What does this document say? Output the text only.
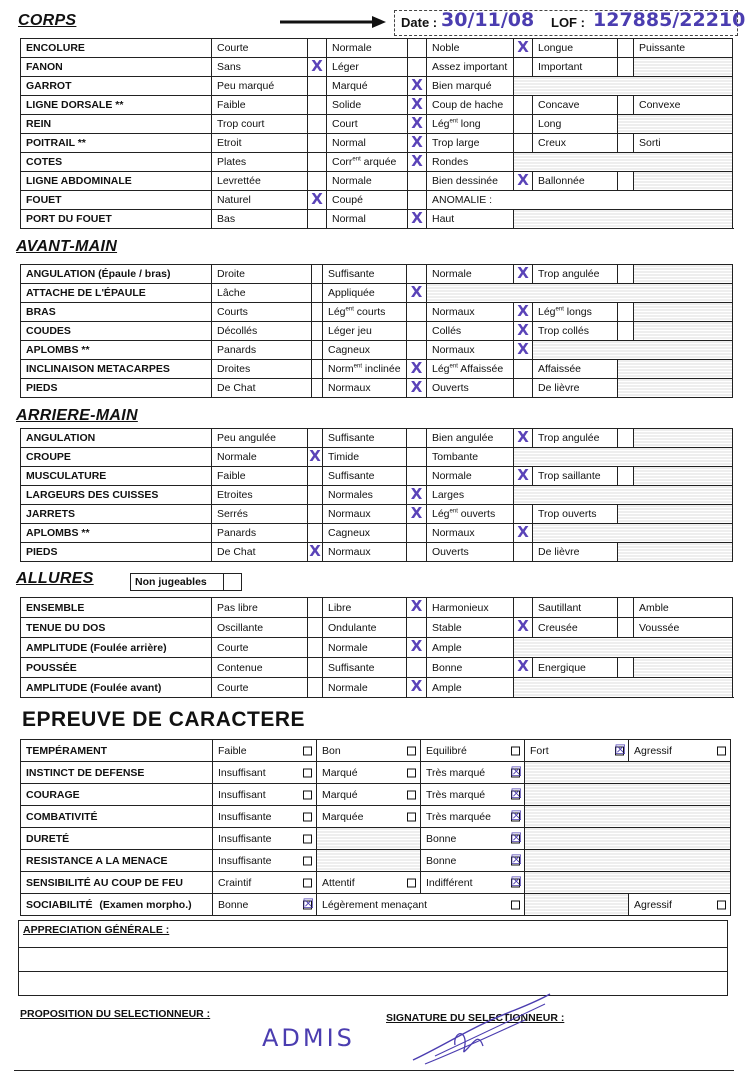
CORPS	Date : 30/11/08 LOF : 127885/22210
ENCOLURE	Courte		Normale		Noble	X	Longue		Puissante	
FANON	Sans	X	Léger		Assez important		Important			
GARROT	Peu marqué		Marqué	X	Bien marqué					
LIGNE DORSALE **	Faible		Solide	X	Coup de hache		Concave		Convexe	
REIN	Trop court		Court	X	Lég$^{ent}$ long		Long			
POITRAIL **	Etroit		Normal	X	Trop large		Creux		Sorti	
COTES	Plates		Corr$^{ent}$ arquée	X	Rondes					
LIGNE ABDOMINALE	Levrettée		Normale		Bien dessinée	X	Ballonnée			
FOUET	Naturel	X	Coupé		ANOMALIE :					
PORT DU FOUET	Bas		Normal	X	Haut					
AVANT-MAIN
ANGULATION (Épaule / bras)	Droite		Suffisante		Normale	X	Trop angulée			
ATTACHE DE L'ÉPAULE	Lâche		Appliquée	X						
BRAS	Courts		Lég$^{ent}$ courts		Normaux	X	Lég$^{ent}$ longs			
COUDES	Décollés		Léger jeu		Collés	X	Trop collés			
APLOMBS **	Panards		Cagneux		Normaux	X		
INCLINAISON METACARPES	Droites		Norm$^{ent}$ inclinée	X	Lég$^{ent}$ Affaissée		Affaissée			
PIEDS	De Chat		Normaux	X	Ouverts		De lièvre			
ARRIERE-MAIN
ANGULATION	Peu angulée		Suffisante		Bien angulée	X	Trop angulée			
CROUPE	Normale	X	Timide		Tombante					
MUSCULATURE	Faible		Suffisante		Normale	X	Trop saillante			
LARGEURS DES CUISSES	Etroites		Normales	X	Larges					
JARRETS	Serrés		Normaux	X	Lég$^{ent}$ ouverts		Trop ouverts			
APLOMBS **	Panards		Cagneux		Normaux	X		
PIEDS	De Chat	X	Normaux		Ouverts		De lièvre			
ALLURES	Non jugeables
ENSEMBLE	Pas libre		Libre	X	Harmonieux		Sautillant		Amble
TENUE DU DOS	Oscillante		Ondulante		Stable	X	Creusée		Voussée
AMPLITUDE (Foulée arrière)	Courte		Normale	X	Ample				
POUSSÉE	Contenue		Suffisante		Bonne	X	Energique		
AMPLITUDE (Foulée avant)	Courte		Normale	X	Ample				
EPREUVE DE CARACTERE
TEMPÉRAMENT	Faible	Bon	Equilibré	Fort ☒	Agressif

INSTINCT DE DEFENSE	Insuffisant	Marqué	Très marqué ☒		

COURAGE	Insuffisant	Marqué	Très marqué ☒		

COMBATIVITÉ	Insuffisante	Marquée	Très marquée ☒		

DURETÉ	Insuffisante		Bonne ☒		

RESISTANCE A LA MENACE	Insuffisante		Bonne ☒		

SENSIBILITÉ AU COUP DE FEU	Craintif	Attentif	Indifférent ☒		

SOCIABILITÉ (Examen morpho.)	Bonne ☒	Légèrement menaçant			Agressif
APPRECIATION GÉNÉRALE :
PROPOSITION DU SELECTIONNEUR :	SIGNATURE DU SELECTIONNEUR :
ADMIS
